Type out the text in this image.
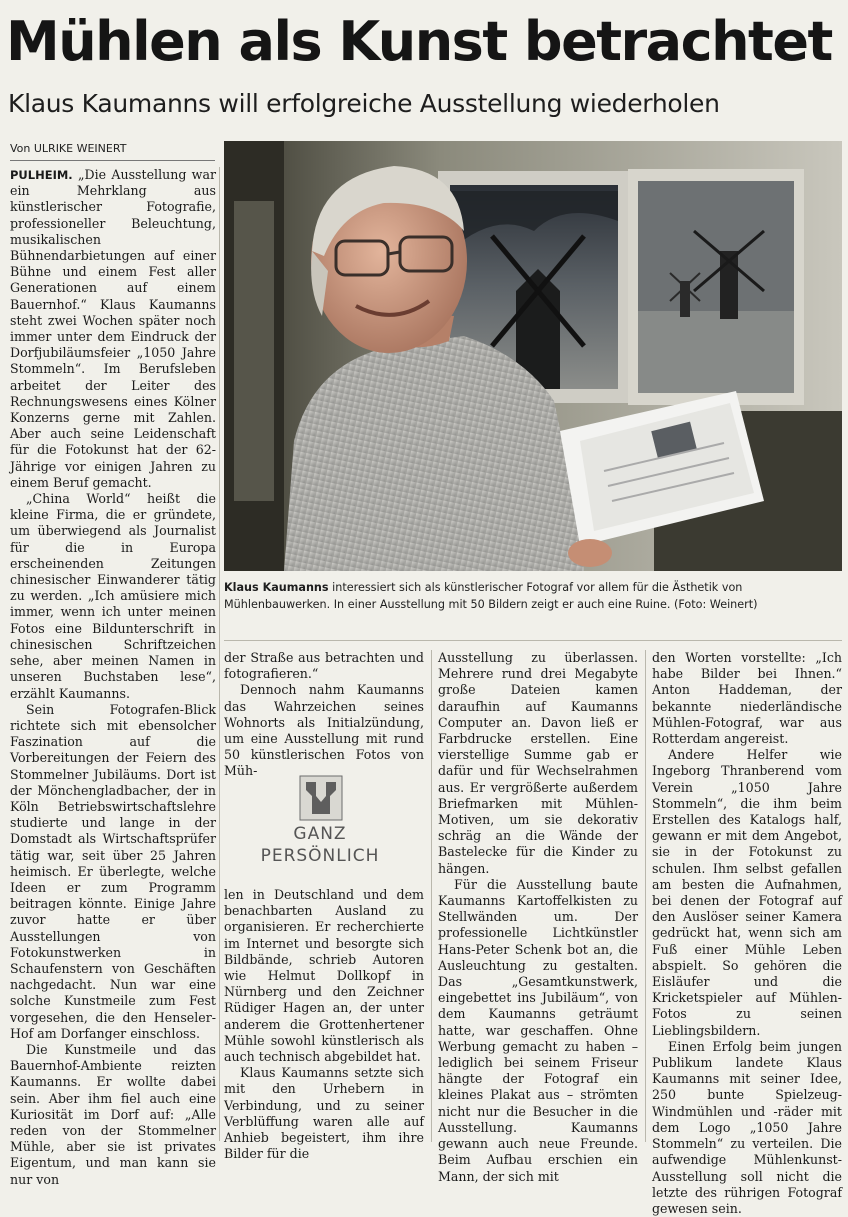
Mühlen als Kunst betrachtet
Klaus Kaumanns will erfolgreiche Ausstellung wiederholen
Von ULRIKE WEINERT

PULHEIM. „Die Ausstellung war ein Mehrklang aus künstlerischer Fotografie, professioneller Beleuchtung, musikalischen Bühnendarbietungen auf einer Bühne und einem Fest aller Generationen auf einem Bauernhof.“ Klaus Kaumanns steht zwei Wochen später noch immer unter dem Eindruck der Dorfjubiläumsfeier „1050 Jahre Stommeln“. Im Berufsleben arbeitet der Leiter des Rechnungswesens eines Kölner Konzerns gerne mit Zahlen. Aber auch seine Leidenschaft für die Fotokunst hat der 62-Jährige vor einigen Jahren zu einem Beruf gemacht.

„China World“ heißt die kleine Firma, die er gründete, um überwiegend als Journalist für die in Europa erscheinenden Zeitungen chinesischer Einwanderer tätig zu werden. „Ich amüsiere mich immer, wenn ich unter meinen Fotos eine Bildunterschrift in chinesischen Schriftzeichen sehe, aber meinen Namen in unseren Buchstaben lese“, erzählt Kaumanns.

Sein Fotografen-Blick richtete sich mit ebensolcher Faszination auf die Vorbereitungen der Feiern des Stommelner Jubiläums. Dort ist der Mönchengladbacher, der in Köln Betriebswirtschaftslehre studierte und lange in der Domstadt als Wirtschaftsprüfer tätig war, seit über 25 Jahren heimisch. Er überlegte, welche Ideen er zum Programm beitragen könnte. Einige Jahre zuvor hatte er über Ausstellungen von Fotokunstwerken in Schaufenstern von Geschäften nachgedacht. Nun war eine solche Kunstmeile zum Fest vorgesehen, die den Henseler-Hof am Dorfanger einschloss.

Die Kunstmeile und das Bauernhof-Ambiente reizten Kaumanns. Er wollte dabei sein. Aber ihm fiel auch eine Kuriosität im Dorf auf: „Alle reden von der Stommelner Mühle, aber sie ist privates Eigentum, und man kann sie nur von

Klaus Kaumanns interessiert sich als künstlerischer Fotograf vor allem für die Ästhetik von Mühlenbauwerken. In einer Ausstellung mit 50 Bildern zeigt er auch eine Ruine. (Foto: Weinert)

der Straße aus betrachten und fotografieren.“

Dennoch nahm Kaumanns das Wahrzeichen seines Wohnorts als Initialzündung, um eine Ausstellung mit rund 50 künstlerischen Fotos von Müh-

GANZ
PERSÖNLICH

len in Deutschland und dem benachbarten Ausland zu organisieren. Er recherchierte im Internet und besorgte sich Bildbände, schrieb Autoren wie Helmut Dollkopf in Nürnberg und den Zeichner Rüdiger Hagen an, der unter anderem die Grottenhertener Mühle sowohl künstlerisch als auch technisch abgebildet hat.

Klaus Kaumanns setzte sich mit den Urhebern in Verbindung, und zu seiner Verblüffung waren alle auf Anhieb begeistert, ihm ihre Bilder für die

Ausstellung zu überlassen. Mehrere rund drei Megabyte große Dateien kamen daraufhin auf Kaumanns Computer an. Davon ließ er Farbdrucke erstellen. Eine vierstellige Summe gab er dafür und für Wechselrahmen aus. Er vergrößerte außerdem Briefmarken mit Mühlen-Motiven, um sie dekorativ schräg an die Wände der Bastelecke für die Kinder zu hängen.

Für die Ausstellung baute Kaumanns Kartoffelkisten zu Stellwänden um. Der professionelle Lichtkünstler Hans-Peter Schenk bot an, die Ausleuchtung zu gestalten. Das „Gesamtkunstwerk, eingebettet ins Jubiläum“, von dem Kaumanns geträumt hatte, war geschaffen. Ohne Werbung gemacht zu haben – lediglich bei seinem Friseur hängte der Fotograf ein kleines Plakat aus – strömten nicht nur die Besucher in die Ausstellung. Kaumanns gewann auch neue Freunde. Beim Aufbau erschien ein Mann, der sich mit

den Worten vorstellte: „Ich habe Bilder bei Ihnen.“ Anton Haddeman, der bekannte niederländische Mühlen-Fotograf, war aus Rotterdam angereist.

Andere Helfer wie Ingeborg Thranberend vom Verein „1050 Jahre Stommeln“, die ihm beim Erstellen des Katalogs half, gewann er mit dem Angebot, sie in der Fotokunst zu schulen. Ihm selbst gefallen am besten die Aufnahmen, bei denen der Fotograf auf den Auslöser seiner Kamera gedrückt hat, wenn sich am Fuß einer Mühle Leben abspielt. So gehören die Eisläufer und die Kricketspieler auf Mühlen-Fotos zu seinen Lieblingsbildern.

Einen Erfolg beim jungen Publikum landete Klaus Kaumanns mit seiner Idee, 250 bunte Spielzeug-Windmühlen und -räder mit dem Logo „1050 Jahre Stommeln“ zu verteilen. Die aufwendige Mühlenkunst-Ausstellung soll nicht die letzte des rührigen Fotograf gewesen sein.
